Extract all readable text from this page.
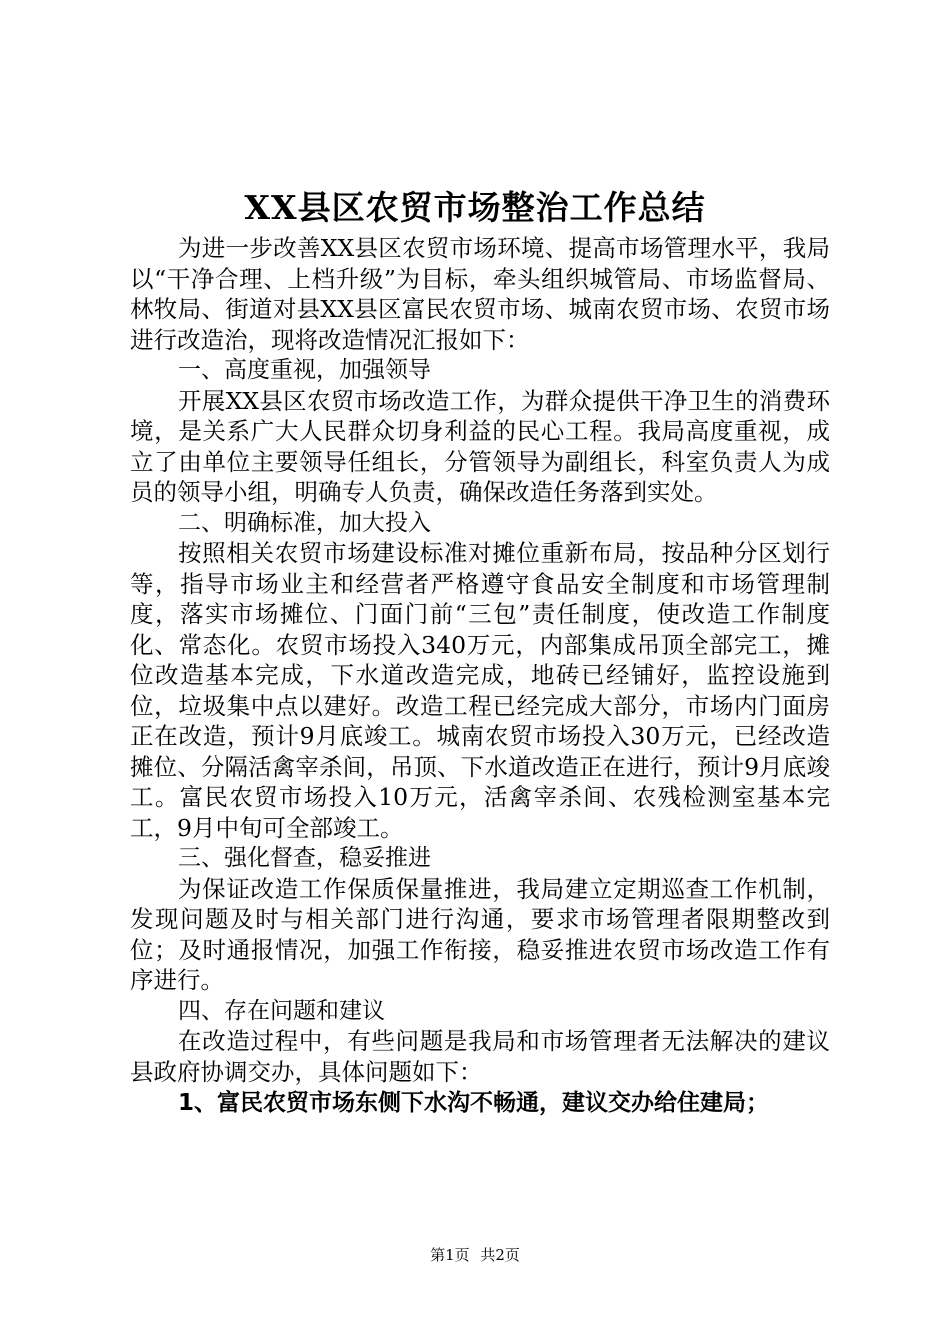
XX县区农贸市场整治工作总结

为进一步改善XX县区农贸市场环境、提高市场管理水平，我局以“干净合理、上档升级”为目标，牵头组织城管局、市场监督局、林牧局、街道对县XX县区富民农贸市场、城南农贸市场、农贸市场进行改造治，现将改造情况汇报如下：

一、高度重视，加强领导

开展XX县区农贸市场改造工作，为群众提供干净卫生的消费环境，是关系广大人民群众切身利益的民心工程。我局高度重视，成立了由单位主要领导任组长，分管领导为副组长，科室负责人为成员的领导小组，明确专人负责，确保改造任务落到实处。

二、明确标准，加大投入

按照相关农贸市场建设标准对摊位重新布局，按品种分区划行等，指导市场业主和经营者严格遵守食品安全制度和市场管理制度，落实市场摊位、门面门前“三包”责任制度，使改造工作制度化、常态化。农贸市场投入340万元，内部集成吊顶全部完工，摊位改造基本完成，下水道改造完成，地砖已经铺好，监控设施到位，垃圾集中点以建好。改造工程已经完成大部分，市场内门面房正在改造，预计9月底竣工。城南农贸市场投入30万元，已经改造摊位、分隔活禽宰杀间，吊顶、下水道改造正在进行，预计9月底竣工。富民农贸市场投入10万元，活禽宰杀间、农残检测室基本完工，9月中旬可全部竣工。

三、强化督查，稳妥推进

为保证改造工作保质保量推进，我局建立定期巡查工作机制，发现问题及时与相关部门进行沟通，要求市场管理者限期整改到位；及时通报情况，加强工作衔接，稳妥推进农贸市场改造工作有序进行。

四、存在问题和建议

在改造过程中，有些问题是我局和市场管理者无法解决的建议县政府协调交办，具体问题如下：

1、富民农贸市场东侧下水沟不畅通，建议交办给住建局；

第1页 共2页
